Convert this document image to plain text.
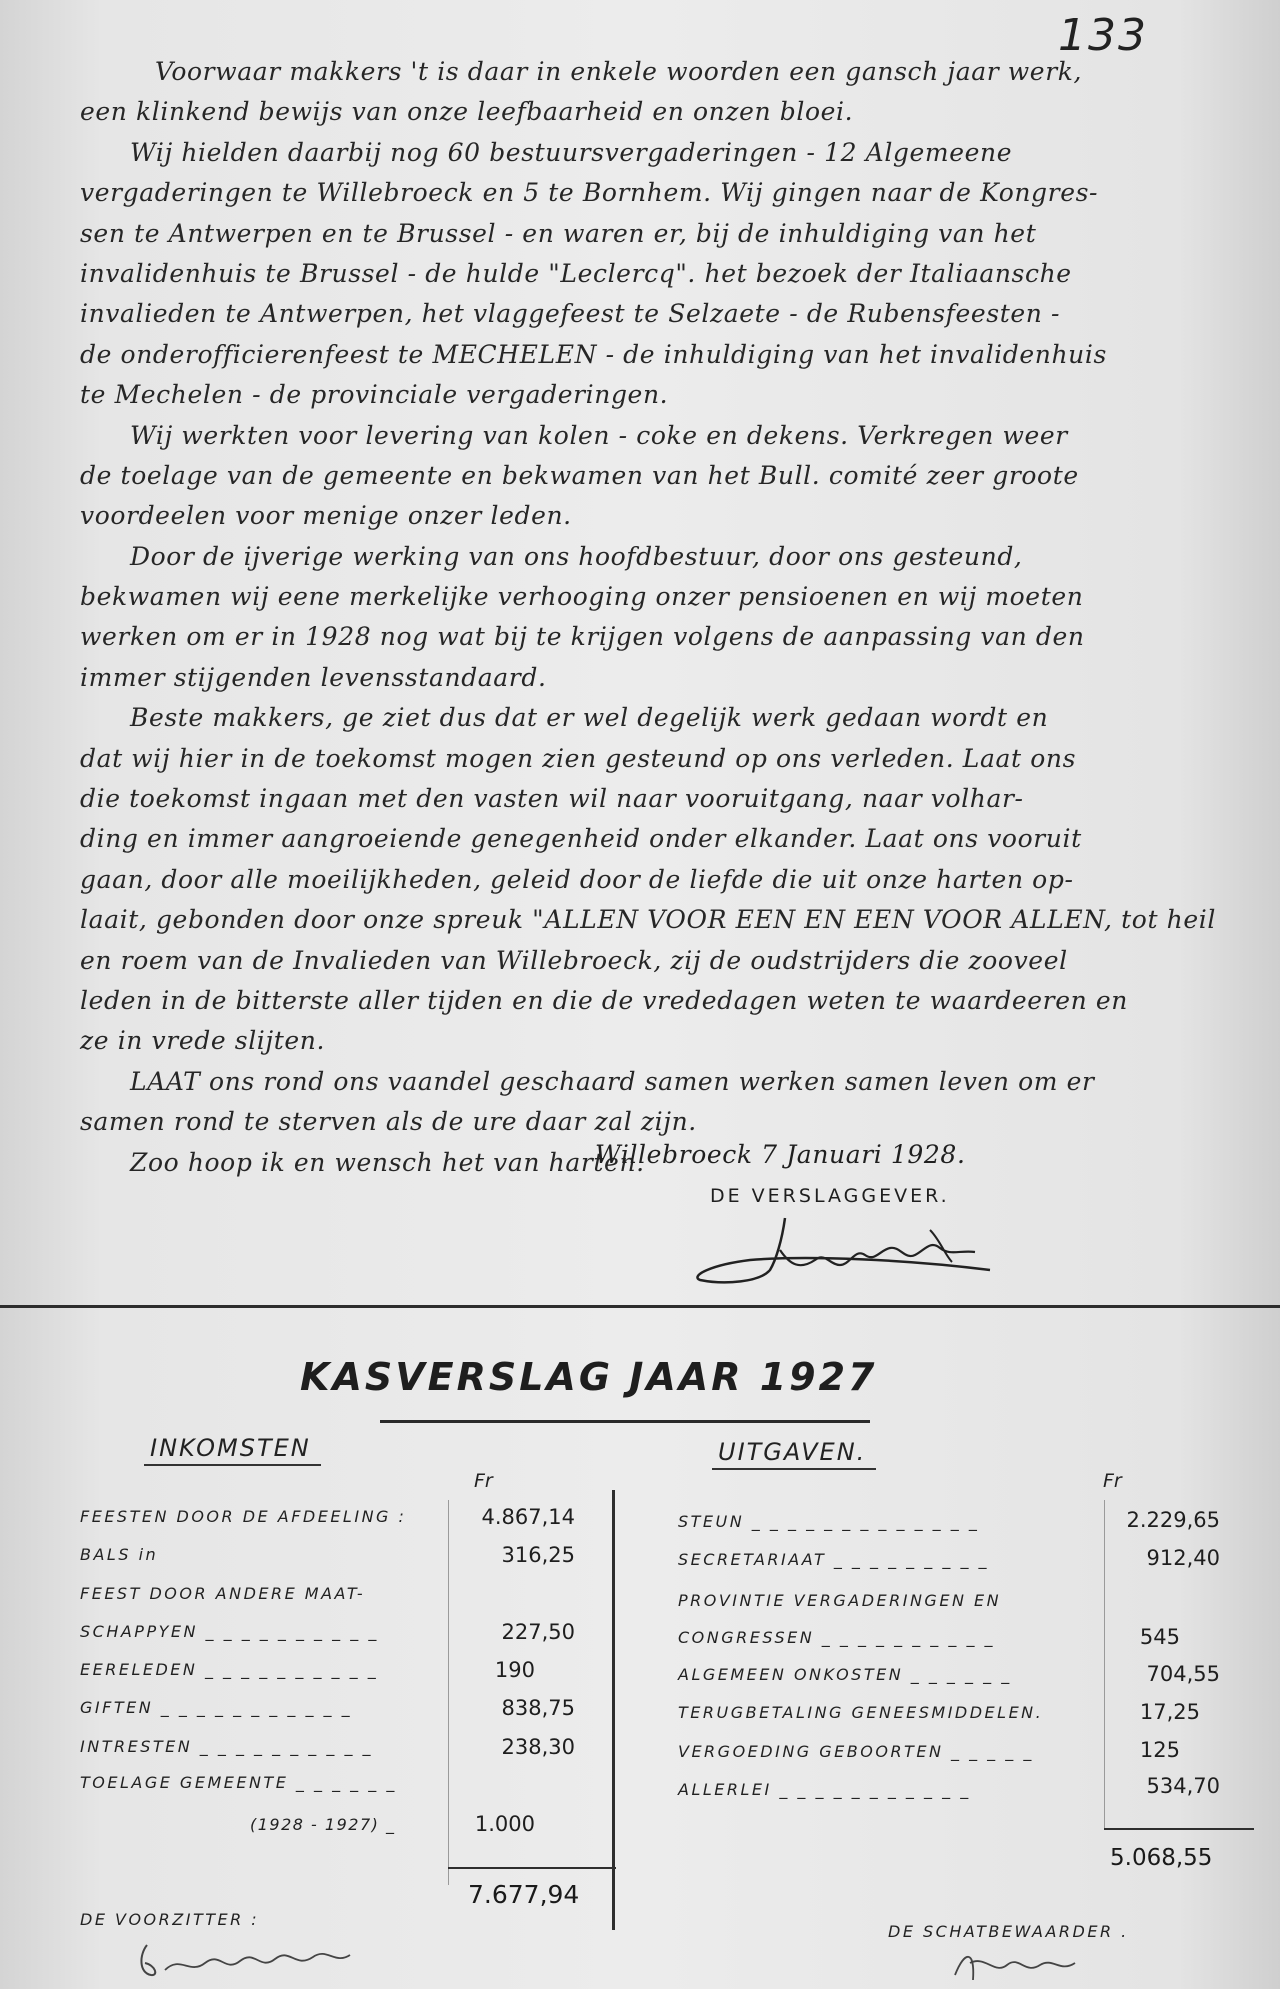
133
Voorwaar makkers 't is daar in enkele woorden een gansch jaar werk,
een klinkend bewijs van onze leefbaarheid en onzen bloei.
Wij hielden daarbij nog 60 bestuursvergaderingen - 12 Algemeene
vergaderingen te Willebroeck en 5 te Bornhem. Wij gingen naar de Kongres-
sen te Antwerpen en te Brussel - en waren er, bij de inhuldiging van het
invalidenhuis te Brussel - de hulde "Leclercq". het bezoek der Italiaansche
invalieden te Antwerpen, het vlaggefeest te Selzaete - de Rubensfeesten -
de onderofficierenfeest te MECHELEN - de inhuldiging van het invalidenhuis
te Mechelen - de provinciale vergaderingen.
Wij werkten voor levering van kolen - coke en dekens. Verkregen weer
de toelage van de gemeente en bekwamen van het Bull. comité zeer groote
voordeelen voor menige onzer leden.
Door de ijverige werking van ons hoofdbestuur, door ons gesteund,
bekwamen wij eene merkelijke verhooging onzer pensioenen en wij moeten
werken om er in 1928 nog wat bij te krijgen volgens de aanpassing van den
immer stijgenden levensstandaard.
Beste makkers, ge ziet dus dat er wel degelijk werk gedaan wordt en
dat wij hier in de toekomst mogen zien gesteund op ons verleden. Laat ons
die toekomst ingaan met den vasten wil naar vooruitgang, naar volhar-
ding en immer aangroeiende genegenheid onder elkander. Laat ons vooruit
gaan, door alle moeilijkheden, geleid door de liefde die uit onze harten op-
laait, gebonden door onze spreuk "ALLEN VOOR EEN EN EEN VOOR ALLEN, tot heil
en roem van de Invalieden van Willebroeck, zij de oudstrijders die zooveel
leden in de bitterste aller tijden en die de vrededagen weten te waardeeren en
ze in vrede slijten.
LAAT ons rond ons vaandel geschaard samen werken samen leven om er
samen rond te sterven als de ure daar zal zijn.
Zoo hoop ik en wensch het van harten.
Willebroeck 7 Januari 1928.
DE VERSLAGGEVER.
KASVERSLAG JAAR 1927
INKOMSTEN
Fr
FEESTEN DOOR DE AFDEELING :	4.867,14
BALS in	316,25
FEEST DOOR ANDERE MAAT-
SCHAPPYEN _ _ _ _ _ _ _ _ _ _	227,50
EERELEDEN _ _ _ _ _ _ _ _ _ _	190
GIFTEN _ _ _ _ _ _ _ _ _ _ _	838,75
INTRESTEN _ _ _ _ _ _ _ _ _ _	238,30
TOELAGE GEMEENTE _ _ _ _ _ _
(1928 - 1927) _	1.000
7.677,94
UITGAVEN.
Fr
STEUN _ _ _ _ _ _ _ _ _ _ _ _ _	2.229,65
SECRETARIAAT _ _ _ _ _ _ _ _ _	912,40
PROVINTIE VERGADERINGEN EN
CONGRESSEN _ _ _ _ _ _ _ _ _ _	545
ALGEMEEN ONKOSTEN _ _ _ _ _ _	704,55
TERUGBETALING GENEESMIDDELEN.	17,25
VERGOEDING GEBOORTEN _ _ _ _ _	125
ALLERLEI _ _ _ _ _ _ _ _ _ _ _	534,70
5.068,55
DE VOORZITTER :
DE SCHATBEWAARDER .
